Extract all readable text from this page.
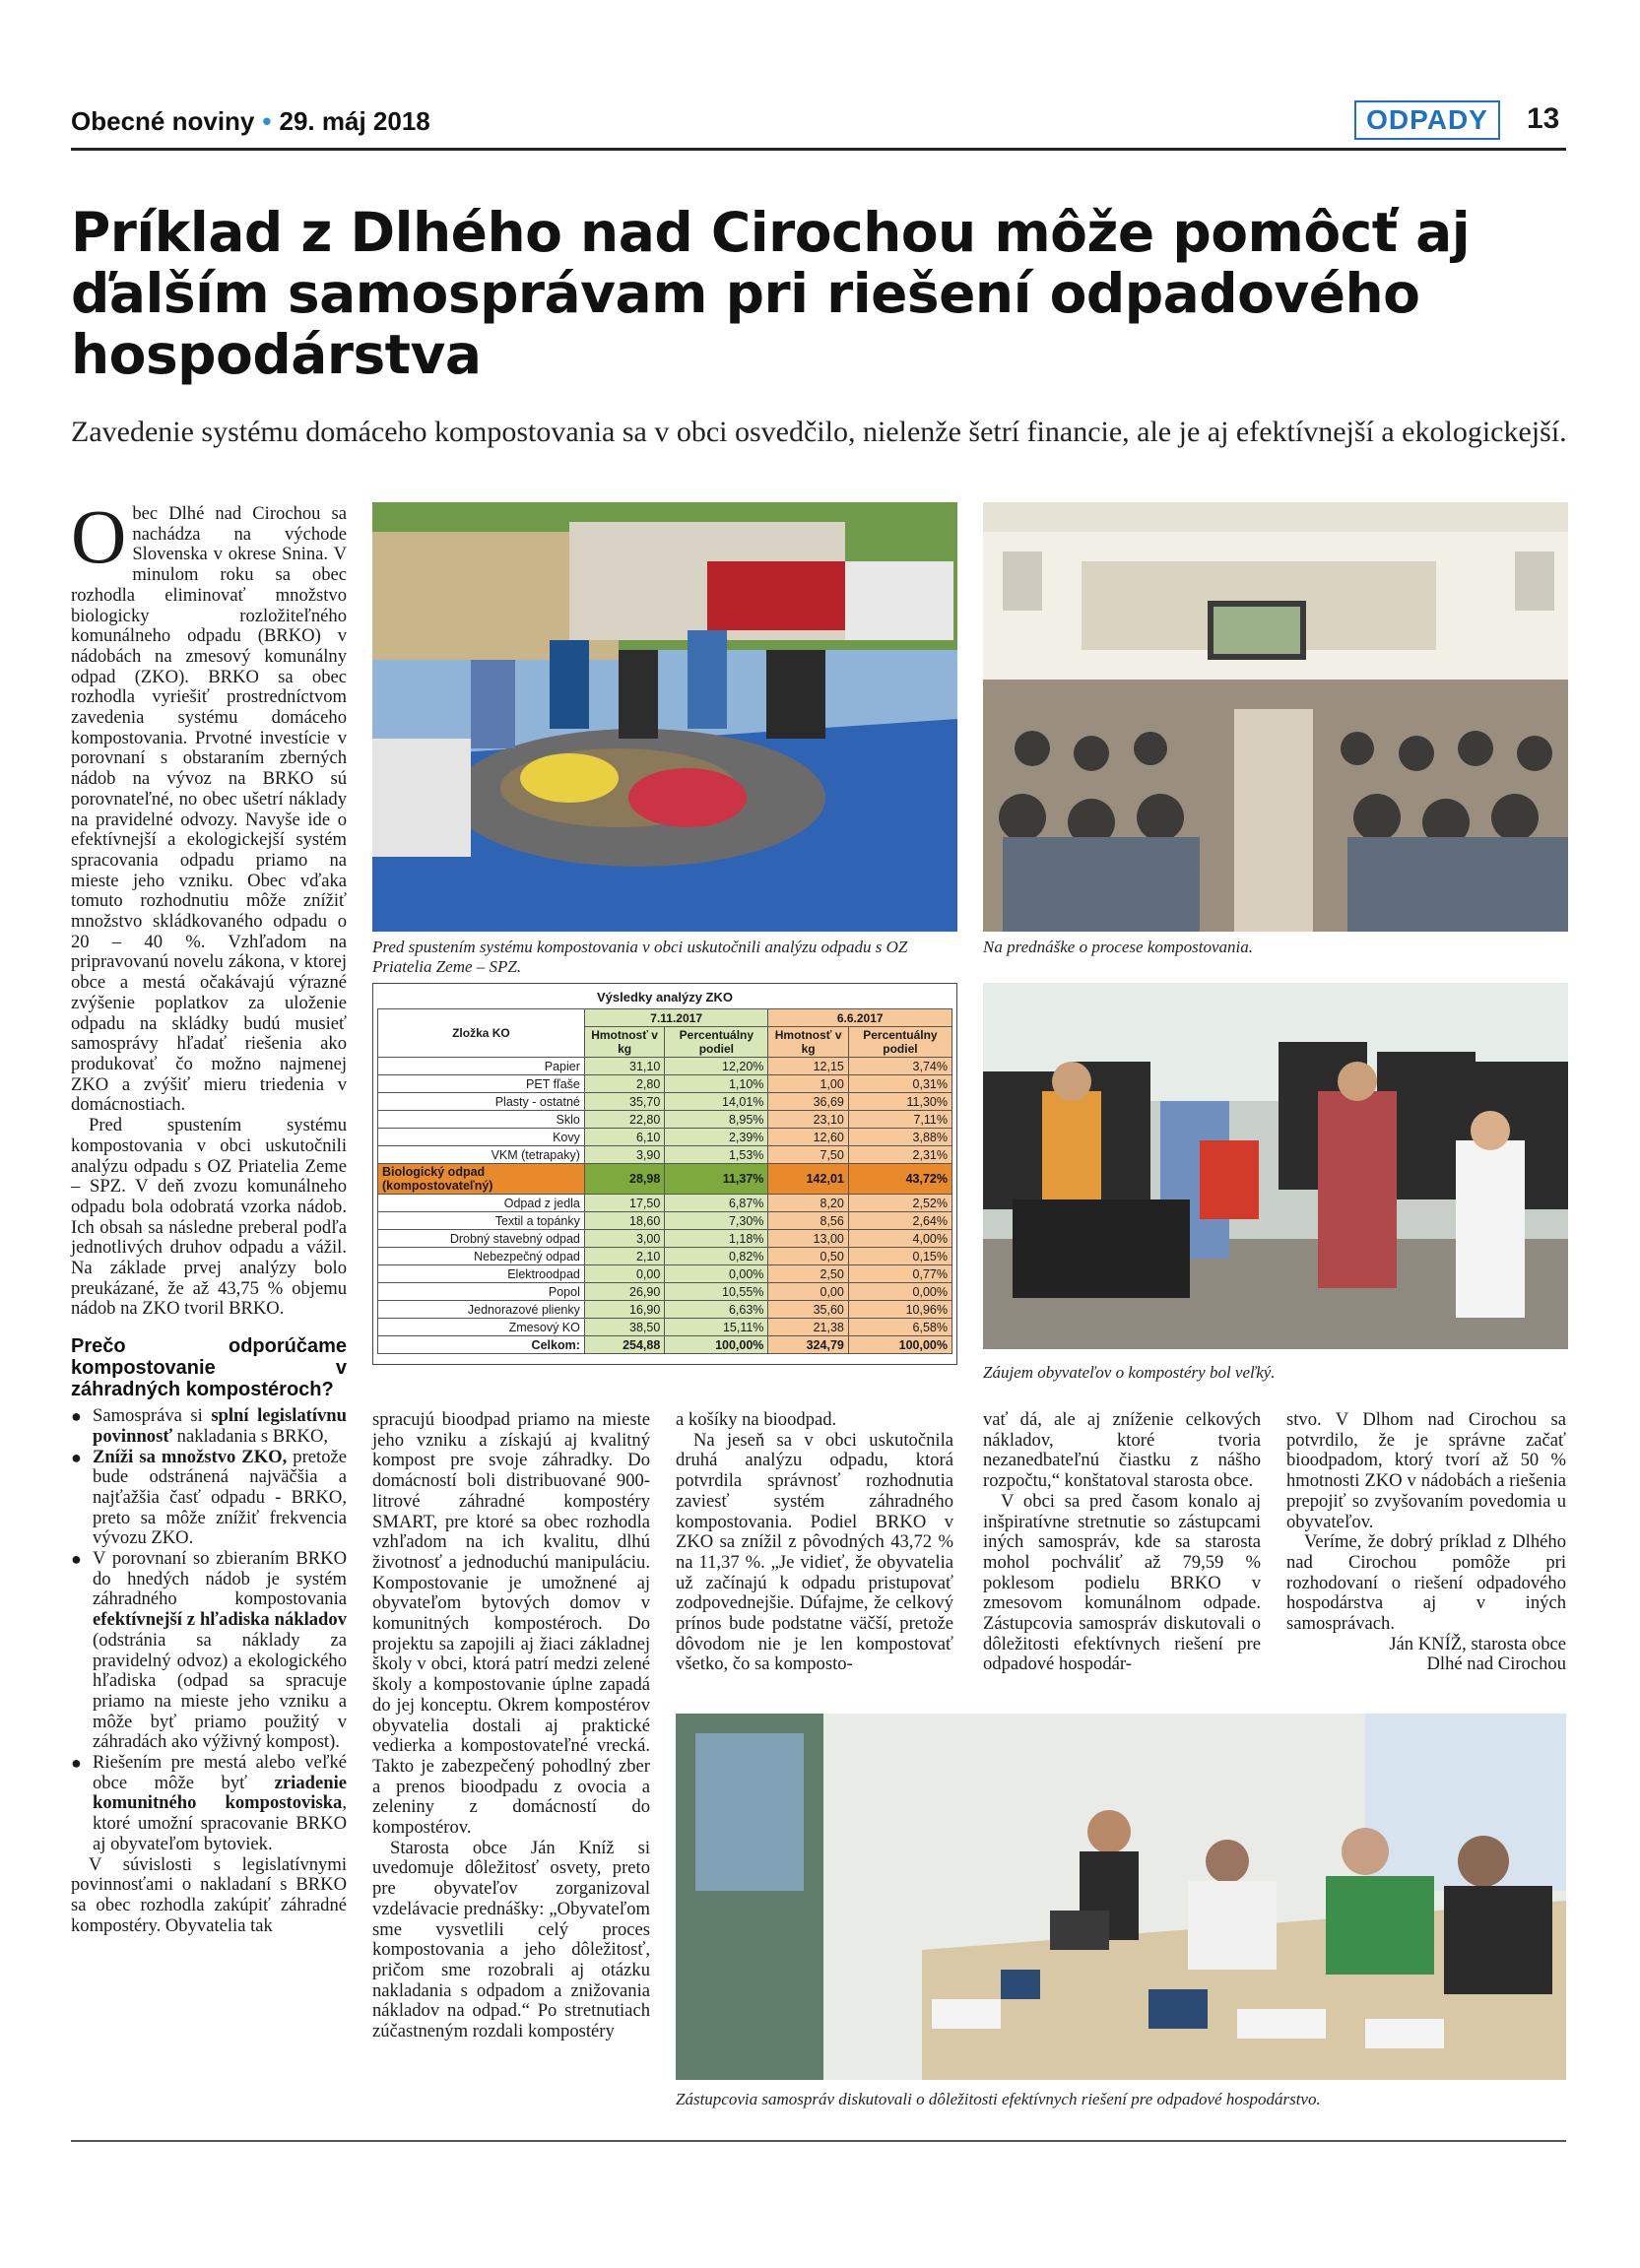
Obecné noviny • 29. máj 2018	ODPADY	13
Príklad z Dlhého nad Cirochou môže pomôcť aj ďalším samosprávam pri riešení odpadového hospodárstva
Zavedenie systému domáceho kompostovania sa v obci osvedčilo, nielenže šetrí financie, ale je aj efektívnejší a ekologickejší.

Obec Dlhé nad Cirochou sa nachádza na východe Slovenska v okrese Snina. V minulom roku sa obec rozhodla eliminovať množstvo biologicky rozložiteľného komunálneho odpadu (BRKO) v nádobách na zmesový komunálny odpad (ZKO). BRKO sa obec rozhodla vyriešiť prostredníctvom zavedenia systému domáceho kompostovania. Prvotné investície v porovnaní s obstaraním zberných nádob na vývoz na BRKO sú porovnateľné, no obec ušetrí náklady na pravidelné odvozy. Navyše ide o efektívnejší a ekologickejší systém spracovania odpadu priamo na mieste jeho vzniku. Obec vďaka tomuto rozhodnutiu môže znížiť množstvo skládkovaného odpadu o 20 – 40 %. Vzhľadom na pripravovanú novelu zákona, v ktorej obce a mestá očakávajú výrazné zvýšenie poplatkov za uloženie odpadu na skládky budú musieť samosprávy hľadať riešenia ako produkovať čo možno najmenej ZKO a zvýšiť mieru triedenia v domácnostiach.

Pred spustením systému kompostovania v obci uskutočnili analýzu odpadu s OZ Priatelia Zeme – SPZ. V deň zvozu komunálneho odpadu bola odobratá vzorka nádob. Ich obsah sa následne preberal podľa jednotlivých druhov odpadu a vážil. Na základe prvej analýzy bolo preukázané, že až 43,75 % objemu nádob na ZKO tvoril BRKO.

Prečo odporúčame kompostovanie v záhradných kompostéroch?
● Samospráva si splní legislatívnu povinnosť nakladania s BRKO,
● Zníži sa množstvo ZKO, pretože bude odstránená najväčšia a najťažšia časť odpadu - BRKO, preto sa môže znížiť frekvencia vývozu ZKO.
● V porovnaní so zbieraním BRKO do hnedých nádob je systém záhradného kompostovania efektívnejší z hľadiska nákladov (odstránia sa náklady za pravidelný odvoz) a ekologického hľadiska (odpad sa spracuje priamo na mieste jeho vzniku a môže byť priamo použitý v záhradách ako výživný kompost).
● Riešením pre mestá alebo veľké obce môže byť zriadenie komunitného kompostoviska, ktoré umožní spracovanie BRKO aj obyvateľom bytoviek.

V súvislosti s legislatívnymi povinnosťami o nakladaní s BRKO sa obec rozhodla zakúpiť záhradné kompostéry. Obyvatelia tak

Pred spustením systému kompostovania v obci uskutočnili analýzu odpadu s OZ Priatelia Zeme – SPZ.
Na prednáške o procese kompostovania.
Výsledky analýzy ZKO
Zložka KO	7.11.2017		6.6.2017	
	Hmotnosť v kg	Percentuálny podiel	Hmotnosť v kg	Percentuálny podiel
Papier	31,10	12,20%	12,15	3,74%
PET fľaše	2,80	1,10%	1,00	0,31%
Plasty - ostatné	35,70	14,01%	36,69	11,30%
Sklo	22,80	8,95%	23,10	7,11%
Kovy	6,10	2,39%	12,60	3,88%
VKM (tetrapaky)	3,90	1,53%	7,50	2,31%
Biologický odpad (kompostovateľný)	28,98	11,37%	142,01	43,72%
Odpad z jedla	17,50	6,87%	8,20	2,52%
Textil a topánky	18,60	7,30%	8,56	2,64%
Drobný stavebný odpad	3,00	1,18%	13,00	4,00%
Nebezpečný odpad	2,10	0,82%	0,50	0,15%
Elektroodpad	0,00	0,00%	2,50	0,77%
Popol	26,90	10,55%	0,00	0,00%
Jednorazové plienky	16,90	6,63%	35,60	10,96%
Zmesový KO	38,50	15,11%	21,38	6,58%
Celkom:	254,88	100,00%	324,79	100,00%
Záujem obyvateľov o kompostéry bol veľký.

spracujú bioodpad priamo na mieste jeho vzniku a získajú aj kvalitný kompost pre svoje záhradky. Do domácností boli distribuované 900-litrové záhradné kompostéry SMART, pre ktoré sa obec rozhodla vzhľadom na ich kvalitu, dlhú životnosť a jednoduchú manipuláciu. Kompostovanie je umožnené aj obyvateľom bytových domov v komunitných kompostéroch. Do projektu sa zapojili aj žiaci základnej školy v obci, ktorá patrí medzi zelené školy a kompostovanie úplne zapadá do jej konceptu. Okrem kompostérov obyvatelia dostali aj praktické vedierka a kompostovateľné vrecká. Takto je zabezpečený pohodlný zber a prenos bioodpadu z ovocia a zeleniny z domácností do kompostérov.

Starosta obce Ján Kníž si uvedomuje dôležitosť osvety, preto pre obyvateľov zorganizoval vzdelávacie prednášky: „Obyvateľom sme vysvetlili celý proces kompostovania a jeho dôležitosť, pričom sme rozobrali aj otázku nakladania s odpadom a znižovania nákladov na odpad.“ Po stretnutiach zúčastneným rozdali kompostéry

a košíky na bioodpad.

Na jeseň sa v obci uskutočnila druhá analýzu odpadu, ktorá potvrdila správnosť rozhodnutia zaviesť systém záhradného kompostovania. Podiel BRKO v ZKO sa znížil z pôvodných 43,72 % na 11,37 %. „Je vidieť, že obyvatelia už začínajú k odpadu pristupovať zodpovednejšie. Dúfajme, že celkový prínos bude podstatne väčší, pretože dôvodom nie je len kompostovať všetko, čo sa komposto-

vať dá, ale aj zníženie celkových nákladov, ktoré tvoria nezanedbateľnú čiastku z nášho rozpočtu,“ konštatoval starosta obce.

V obci sa pred časom konalo aj inšpiratívne stretnutie so zástupcami iných samospráv, kde sa starosta mohol pochváliť až 79,59 % poklesom podielu BRKO v zmesovom komunálnom odpade. Zástupcovia samospráv diskutovali o dôležitosti efektívnych riešení pre odpadové hospodár-

stvo. V Dlhom nad Cirochou sa potvrdilo, že je správne začať bioodpadom, ktorý tvorí až 50 % hmotnosti ZKO v nádobách a riešenia prepojiť so zvyšovaním povedomia u obyvateľov.

Veríme, že dobrý príklad z Dlhého nad Cirochou pomôže pri rozhodovaní o riešení odpadového hospodárstva aj v iných samosprávach.

Ján KNÍŽ, starosta obce
Dlhé nad Cirochou
Zástupcovia samospráv diskutovali o dôležitosti efektívnych riešení pre odpadové hospodárstvo.
